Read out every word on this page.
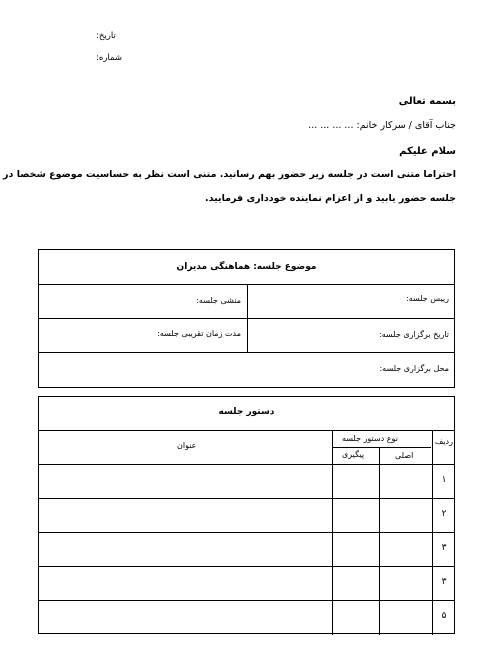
تاریخ:
شماره:
بسمه تعالی
جناب آقای / سرکار خانم: ... ... ... ...
سلام علیکم
احتراما متنی است در جلسه زیر حضور بهم رسانید. متنی است نظر به حساسیت موضوع شخصا در
جلسه حضور یابید و از اعزام نماینده خودداری فرمایید.
موضوع جلسه: هماهنگی مدیران
رییس جلسه:
منشی جلسه:
تاریخ برگزاری جلسه:
مدت زمان تقریبی جلسه:
محل برگزاری جلسه:
دستور جلسه
عنوان
نوع دستور جلسه
پیگیری	اصلی
ردیف
۱
۲
۳
۳
۵
